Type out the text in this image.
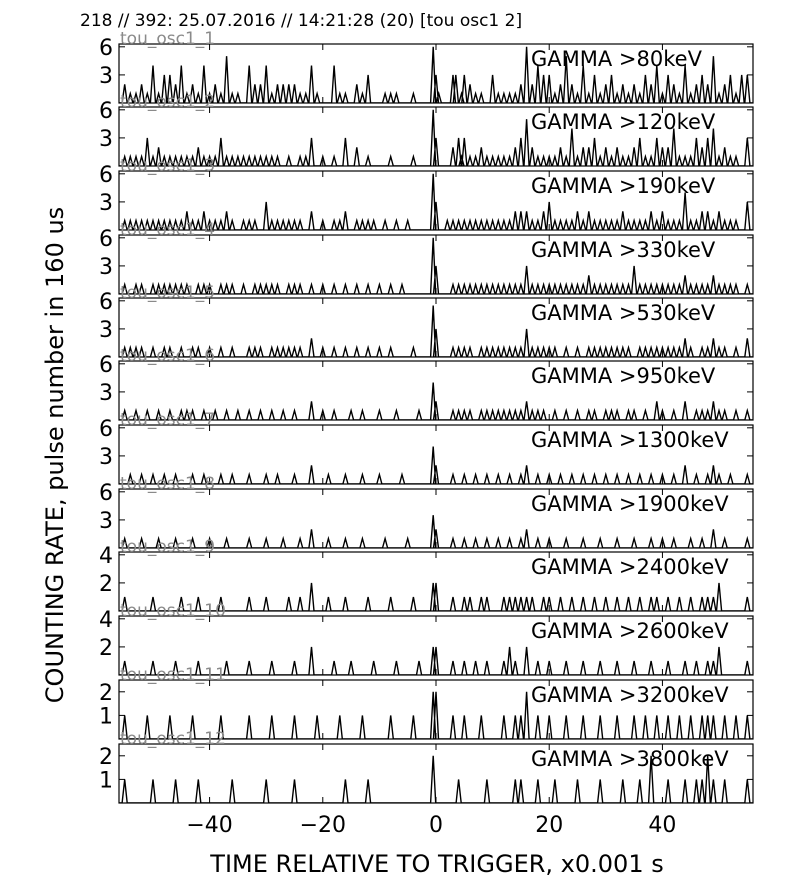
218 // 392: 25.07.2016 // 14:21:28 (20) [tou osc1 2]
3
6	GAMMA >80keV
tou_osc1_1
3
6	GAMMA >120keV
tou_osc1_2
3
6	GAMMA >190keV
tou_osc1_3
3
6	GAMMA >330keV
tou_osc1_4
3
6	GAMMA >530keV
tou_osc1_5
3
6	GAMMA >950keV
tou_osc1_6
3
6	GAMMA >1300keV
tou_osc1_7
3
6	GAMMA >1900keV
tou_osc1_8
2
4	GAMMA >2400keV
tou_osc1_9
2
4	GAMMA >2600keV
tou_osc1_10
1
2	GAMMA >3200keV
tou_osc1_11
1
2	GAMMA >3800keV
tou_osc1_12
−40	−20	0	20	40
COUNTING RATE, pulse number in 160 us
TIME RELATIVE TO TRIGGER, x0.001 s
